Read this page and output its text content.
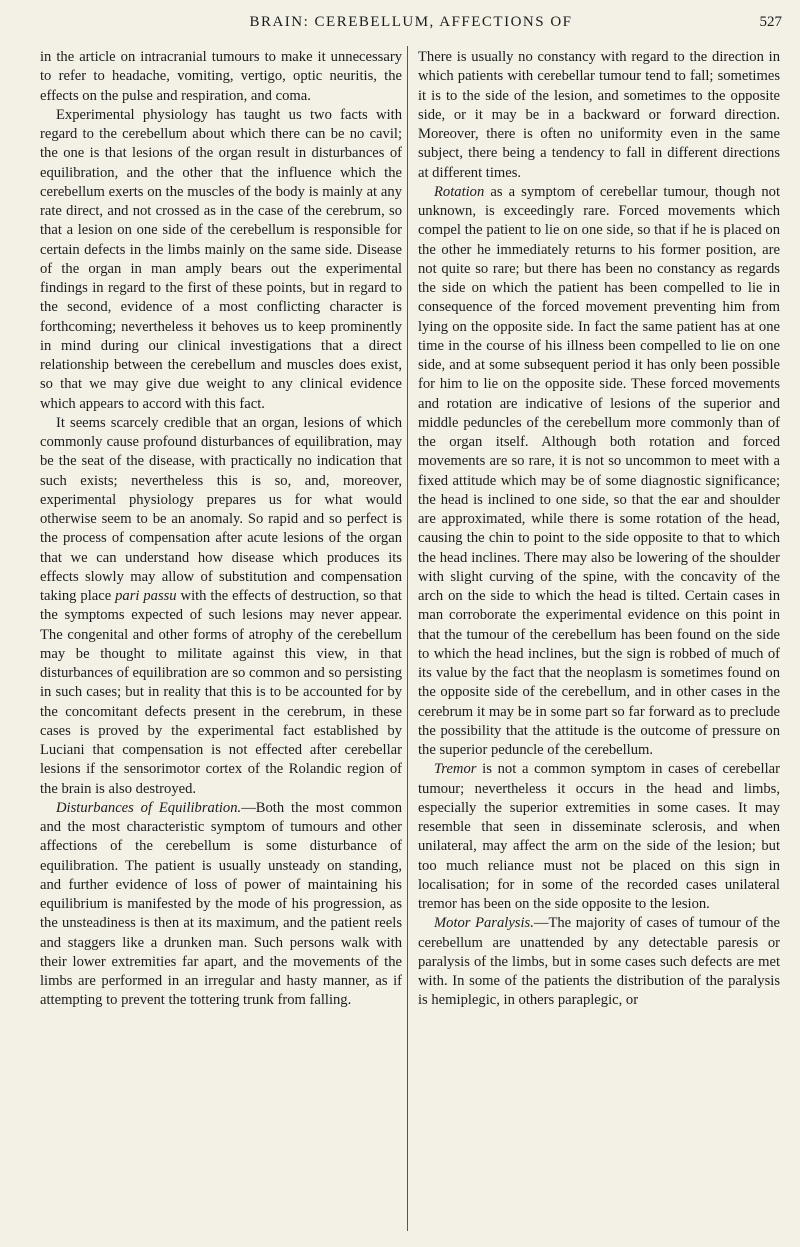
BRAIN: CEREBELLUM, AFFECTIONS OF	527

in the article on intracranial tumours to make it unnecessary to refer to headache, vomiting, vertigo, optic neuritis, the effects on the pulse and respiration, and coma.

Experimental physiology has taught us two facts with regard to the cerebellum about which there can be no cavil; the one is that lesions of the organ result in disturbances of equilibration, and the other that the influence which the cerebellum exerts on the muscles of the body is mainly at any rate direct, and not crossed as in the case of the cerebrum, so that a lesion on one side of the cerebellum is responsible for certain defects in the limbs mainly on the same side. Disease of the organ in man amply bears out the experimental findings in regard to the first of these points, but in regard to the second, evidence of a most conflicting character is forthcoming; nevertheless it behoves us to keep prominently in mind during our clinical investigations that a direct relationship between the cerebellum and muscles does exist, so that we may give due weight to any clinical evidence which appears to accord with this fact.

It seems scarcely credible that an organ, lesions of which commonly cause profound disturbances of equilibration, may be the seat of the disease, with practically no indication that such exists; nevertheless this is so, and, moreover, experimental physiology prepares us for what would otherwise seem to be an anomaly. So rapid and so perfect is the process of compensation after acute lesions of the organ that we can understand how disease which produces its effects slowly may allow of substitution and compensation taking place pari passu with the effects of destruction, so that the symptoms expected of such lesions may never appear. The congenital and other forms of atrophy of the cerebellum may be thought to militate against this view, in that disturbances of equilibration are so common and so persisting in such cases; but in reality that this is to be accounted for by the concomitant defects present in the cerebrum, in these cases is proved by the experimental fact established by Luciani that compensation is not effected after cerebellar lesions if the sensorimotor cortex of the Rolandic region of the brain is also destroyed.

Disturbances of Equilibration.—Both the most common and the most characteristic symptom of tumours and other affections of the cerebellum is some disturbance of equilibration. The patient is usually unsteady on standing, and further evidence of loss of power of maintaining his equilibrium is manifested by the mode of his progression, as the unsteadiness is then at its maximum, and the patient reels and staggers like a drunken man. Such persons walk with their lower extremities far apart, and the movements of the limbs are performed in an irregular and hasty manner, as if attempting to prevent the tottering trunk from falling.

There is usually no constancy with regard to the direction in which patients with cerebellar tumour tend to fall; sometimes it is to the side of the lesion, and sometimes to the opposite side, or it may be in a backward or forward direction. Moreover, there is often no uniformity even in the same subject, there being a tendency to fall in different directions at different times.

Rotation as a symptom of cerebellar tumour, though not unknown, is exceedingly rare. Forced movements which compel the patient to lie on one side, so that if he is placed on the other he immediately returns to his former position, are not quite so rare; but there has been no constancy as regards the side on which the patient has been compelled to lie in consequence of the forced movement preventing him from lying on the opposite side. In fact the same patient has at one time in the course of his illness been compelled to lie on one side, and at some subsequent period it has only been possible for him to lie on the opposite side. These forced movements and rotation are indicative of lesions of the superior and middle peduncles of the cerebellum more commonly than of the organ itself. Although both rotation and forced movements are so rare, it is not so uncommon to meet with a fixed attitude which may be of some diagnostic significance; the head is inclined to one side, so that the ear and shoulder are approximated, while there is some rotation of the head, causing the chin to point to the side opposite to that to which the head inclines. There may also be lowering of the shoulder with slight curving of the spine, with the concavity of the arch on the side to which the head is tilted. Certain cases in man corroborate the experimental evidence on this point in that the tumour of the cerebellum has been found on the side to which the head inclines, but the sign is robbed of much of its value by the fact that the neoplasm is sometimes found on the opposite side of the cerebellum, and in other cases in the cerebrum it may be in some part so far forward as to preclude the possibility that the attitude is the outcome of pressure on the superior peduncle of the cerebellum.

Tremor is not a common symptom in cases of cerebellar tumour; nevertheless it occurs in the head and limbs, especially the superior extremities in some cases. It may resemble that seen in disseminate sclerosis, and when unilateral, may affect the arm on the side of the lesion; but too much reliance must not be placed on this sign in localisation; for in some of the recorded cases unilateral tremor has been on the side opposite to the lesion.

Motor Paralysis.—The majority of cases of tumour of the cerebellum are unattended by any detectable paresis or paralysis of the limbs, but in some cases such defects are met with. In some of the patients the distribution of the paralysis is hemiplegic, in others paraplegic, or
